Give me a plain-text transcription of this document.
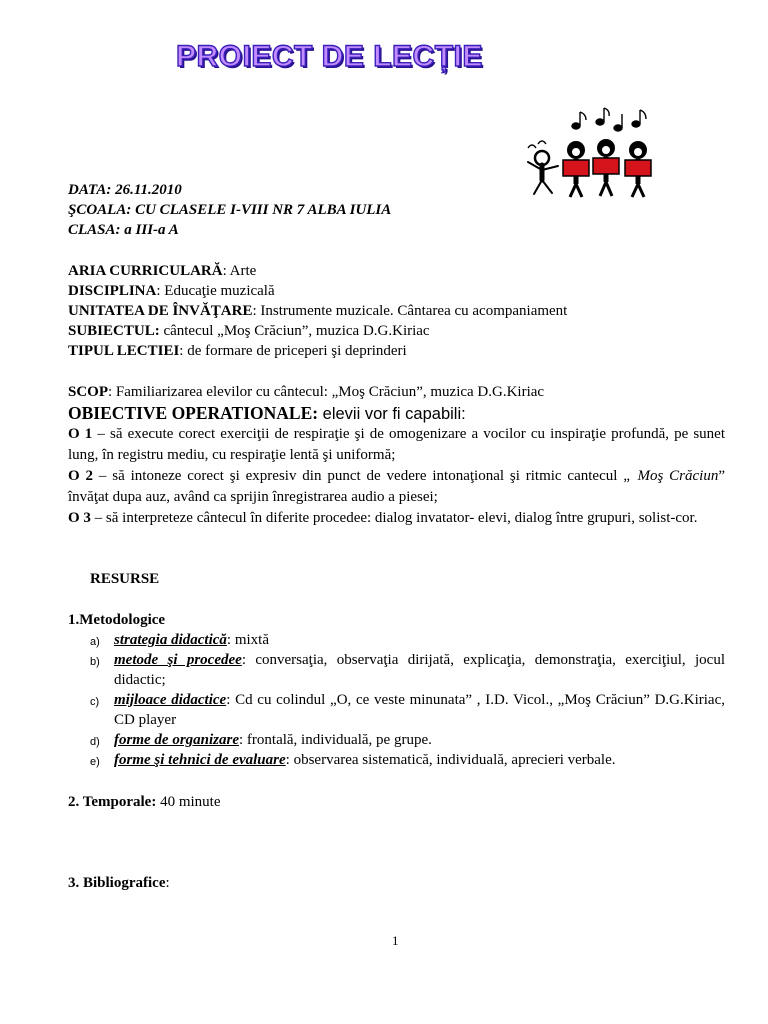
PROIECT DE LECȚIE
DATA: 26.11.2010
ŞCOALA: CU CLASELE I-VIII NR 7 ALBA IULIA
CLASA: a III-a A
ARIA CURRICULARĂ: Arte
DISCIPLINA: Educaţie muzicală
UNITATEA DE ÎNVĂŢARE: Instrumente muzicale. Cântarea cu acompaniament
SUBIECTUL: cântecul „Moş Crăciun”, muzica D.G.Kiriac
TIPUL LECTIEI: de formare de priceperi şi deprinderi
SCOP: Familiarizarea elevilor cu cântecul: „Moş Crăciun”, muzica D.G.Kiriac
OBIECTIVE OPERATIONALE: elevii vor fi capabili:
O 1 – să execute corect exerciţii de respiraţie şi de omogenizare a vocilor cu inspiraţie profundă, pe sunet lung, în registru mediu, cu respiraţie lentă şi uniformă;
O 2 – să intoneze corect şi expresiv din punct de vedere intonaţional şi ritmic cantecul „ Moş Crăciun” învăţat dupa auz, având ca sprijin înregistrarea audio a piesei;
O 3 – să interpreteze cântecul în diferite procedee: dialog invatator- elevi, dialog între grupuri, solist-cor.
RESURSE
1.Metodologice
a) strategia didactică: mixtă
b) metode şi procedee: conversaţia, observaţia dirijată, explicaţia, demonstraţia, exerciţiul, jocul didactic;
c) mijloace didactice: Cd cu colindul „O, ce veste minunata” , I.D. Vicol., „Moş Crăciun” D.G.Kiriac, CD player
d) forme de organizare: frontală, individuală, pe grupe.
e) forme şi tehnici de evaluare: observarea sistematică, individuală, aprecieri verbale.
2. Temporale: 40 minute
3. Bibliografice:
1
